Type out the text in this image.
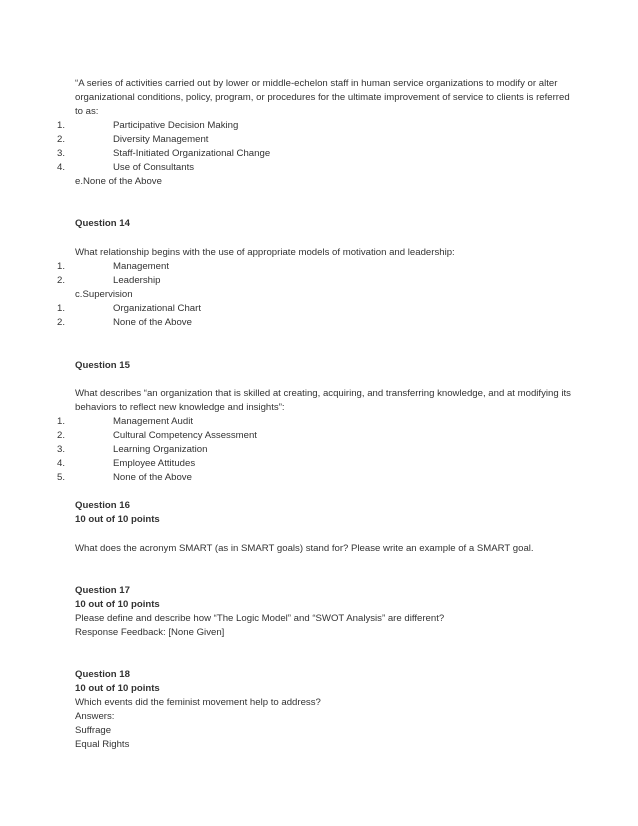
“A series of activities carried out by lower or middle-echelon staff in human service organizations to modify or alter
organizational conditions, policy, program, or procedures for the ultimate improvement of service to clients is referred
to as:
1.	Participative Decision Making
2.	Diversity Management
3.	Staff-Initiated Organizational Change
4.	Use of Consultants
e.None of the Above
Question 14
What relationship begins with the use of appropriate models of motivation and leadership:
1.	Management
2.	Leadership
c.Supervision
1.	Organizational Chart
2.	None of the Above
Question 15
What describes “an organization that is skilled at creating, acquiring, and transferring knowledge, and at modifying its
behaviors to reflect new knowledge and insights”:
1.	Management Audit
2.	Cultural Competency Assessment
3.	Learning Organization
4.	Employee Attitudes
5.	None of the Above
Question 16
10 out of 10 points
What does the acronym SMART (as in SMART goals) stand for? Please write an example of a SMART goal.
Question 17
10 out of 10 points
Please define and describe how “The Logic Model” and “SWOT Analysis” are different?
Response Feedback: [None Given]
Question 18
10 out of 10 points
Which events did the feminist movement help to address?
Answers:
Suffrage
Equal Rights
